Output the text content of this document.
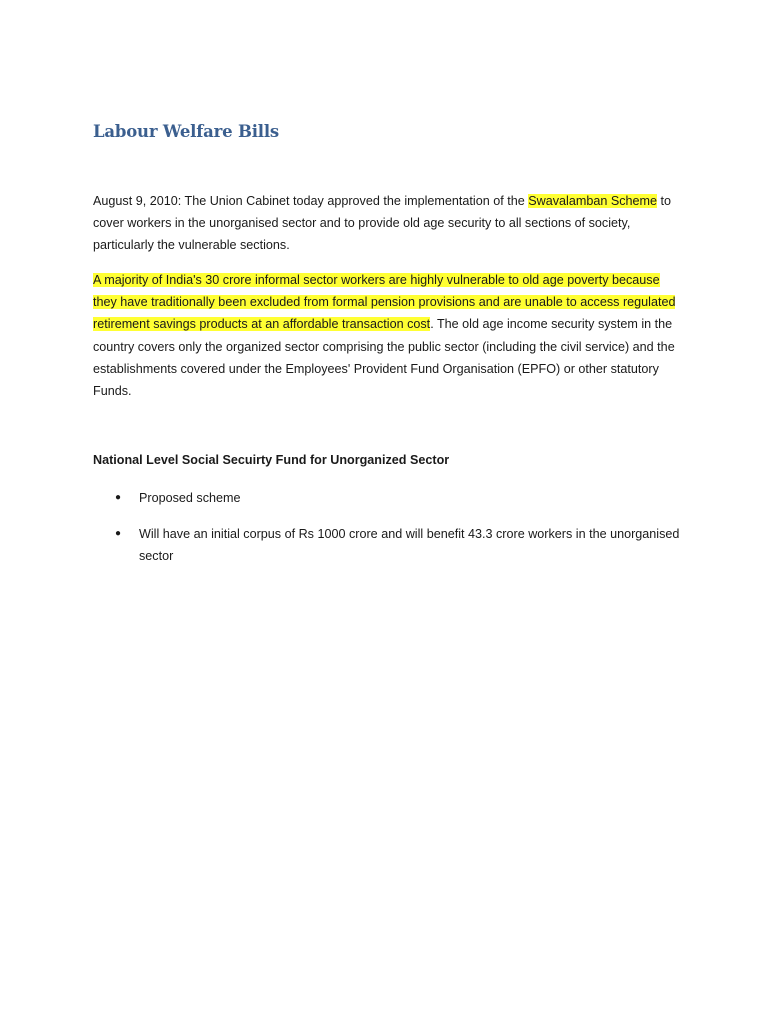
Labour Welfare Bills

August 9, 2010: The Union Cabinet today approved the implementation of the Swavalamban Scheme to cover workers in the unorganised sector and to provide old age security to all sections of society, particularly the vulnerable sections.

A majority of India's 30 crore informal sector workers are highly vulnerable to old age poverty because they have traditionally been excluded from formal pension provisions and are unable to access regulated retirement savings products at an affordable transaction cost. The old age income security system in the country covers only the organized sector comprising the public sector (including the civil service) and the establishments covered under the Employees' Provident Fund Organisation (EPFO) or other statutory Funds.

National Level Social Secuirty Fund for Unorganized Sector
● Proposed scheme
● Will have an initial corpus of Rs 1000 crore and will benefit 43.3 crore workers in the unorganised sector
